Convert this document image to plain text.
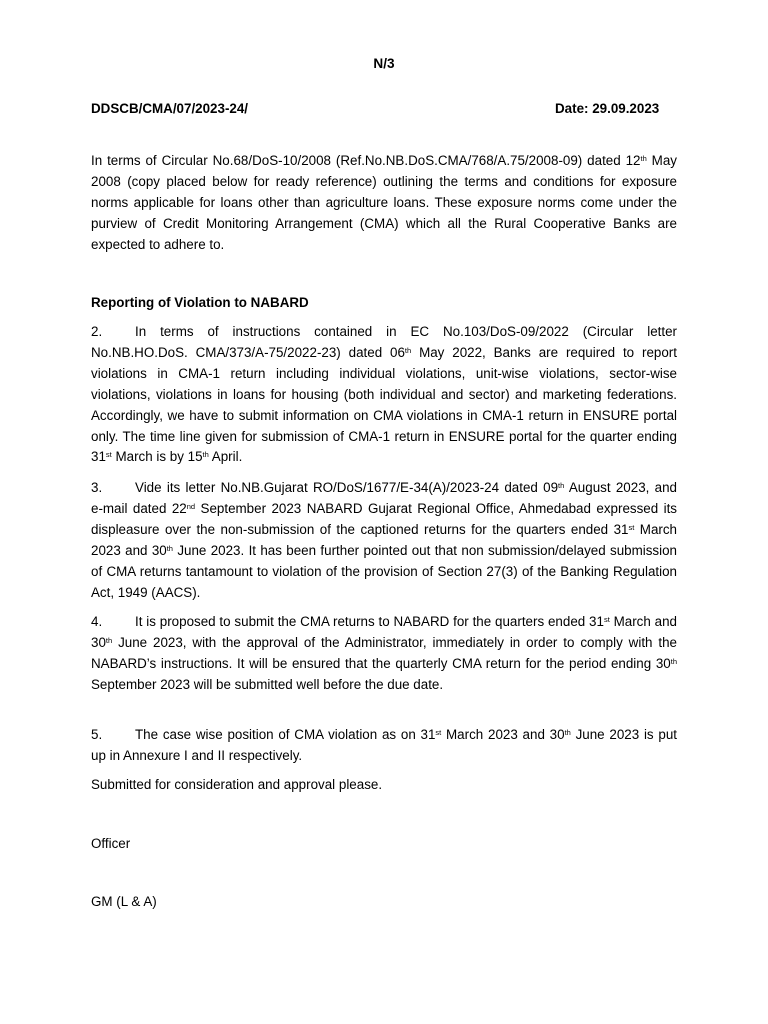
N/3
DDSCB/CMA/07/2023-24/	Date: 29.09.2023
In terms of Circular No.68/DoS-10/2008 (Ref.No.NB.DoS.CMA/768/A.75/2008-09) dated 12th May 2008 (copy placed below for ready reference) outlining the terms and conditions for exposure norms applicable for loans other than agriculture loans. These exposure norms come under the purview of Credit Monitoring Arrangement (CMA) which all the Rural Cooperative Banks are expected to adhere to.
Reporting of Violation to NABARD
2. In terms of instructions contained in EC No.103/DoS-09/2022 (Circular letter No.NB.HO.DoS. CMA/373/A-75/2022-23) dated 06th May 2022, Banks are required to report violations in CMA-1 return including individual violations, unit-wise violations, sector-wise violations, violations in loans for housing (both individual and sector) and marketing federations. Accordingly, we have to submit information on CMA violations in CMA-1 return in ENSURE portal only. The time line given for submission of CMA-1 return in ENSURE portal for the quarter ending 31st March is by 15th April.
3. Vide its letter No.NB.Gujarat RO/DoS/1677/E-34(A)/2023-24 dated 09th August 2023, and e-mail dated 22nd September 2023 NABARD Gujarat Regional Office, Ahmedabad expressed its displeasure over the non-submission of the captioned returns for the quarters ended 31st March 2023 and 30th June 2023. It has been further pointed out that non submission/delayed submission of CMA returns tantamount to violation of the provision of Section 27(3) of the Banking Regulation Act, 1949 (AACS).
4. It is proposed to submit the CMA returns to NABARD for the quarters ended 31st March and 30th June 2023, with the approval of the Administrator, immediately in order to comply with the NABARD’s instructions. It will be ensured that the quarterly CMA return for the period ending 30th September 2023 will be submitted well before the due date.
5. The case wise position of CMA violation as on 31st March 2023 and 30th June 2023 is put up in Annexure I and II respectively.
Submitted for consideration and approval please.
Officer
GM (L & A)
